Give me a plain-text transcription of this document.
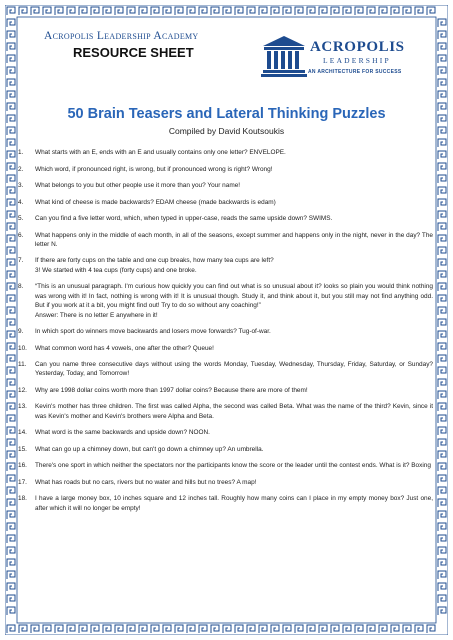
Acropolis Leadership Academy
RESOURCE SHEET	ACROPOLIS
LEADERSHIP
AN ARCHITECTURE FOR SUCCESS
50 Brain Teasers and Lateral Thinking Puzzles
Compiled by David Koutsoukis
1. What starts with an E, ends with an E and usually contains only one letter? ENVELOPE.
2. Which word, if pronounced right, is wrong, but if pronounced wrong is right? Wrong!
3. What belongs to you but other people use it more than you? Your name!
4. What kind of cheese is made backwards? EDAM cheese (made backwards is edam)
5. Can you find a five letter word, which, when typed in upper-case, reads the same upside down? SWIMS.
6. What happens only in the middle of each month, in all of the seasons, except summer and happens only in the night, never in the day? The letter N.
7. If there are forty cups on the table and one cup breaks, how many tea cups are left?
3! We started with 4 tea cups (forty cups) and one broke.
8. “This is an unusual paragraph. I'm curious how quickly you can find out what is so unusual about it? looks so plain you would think nothing was wrong with it! In fact, nothing is wrong with it! It is unusual though. Study it, and think about it, but you still may not find anything odd. But if you work at it a bit, you might find out! Try to do so without any coaching!”
Answer: There is no letter E anywhere in it!
9. In which sport do winners move backwards and losers move forwards? Tug-of-war.
10. What common word has 4 vowels, one after the other? Queue!
11. Can you name three consecutive days without using the words Monday, Tuesday, Wednesday, Thursday, Friday, Saturday, or Sunday? Yesterday, Today, and Tomorrow!
12. Why are 1998 dollar coins worth more than 1997 dollar coins? Because there are more of them!
13. Kevin's mother has three children. The first was called Alpha, the second was called Beta. What was the name of the third? Kevin, since it was Kevin's mother and Kevin's brothers were Alpha and Beta.
14. What word is the same backwards and upside down? NOON.
15. What can go up a chimney down, but can't go down a chimney up? An umbrella.
16. There's one sport in which neither the spectators nor the participants know the score or the leader until the contest ends. What is it? Boxing
17. What has roads but no cars, rivers but no water and hills but no trees? A map!
18. I have a large money box, 10 inches square and 12 inches tall. Roughly how many coins can I place in my empty money box? Just one, after which it will no longer be empty!
